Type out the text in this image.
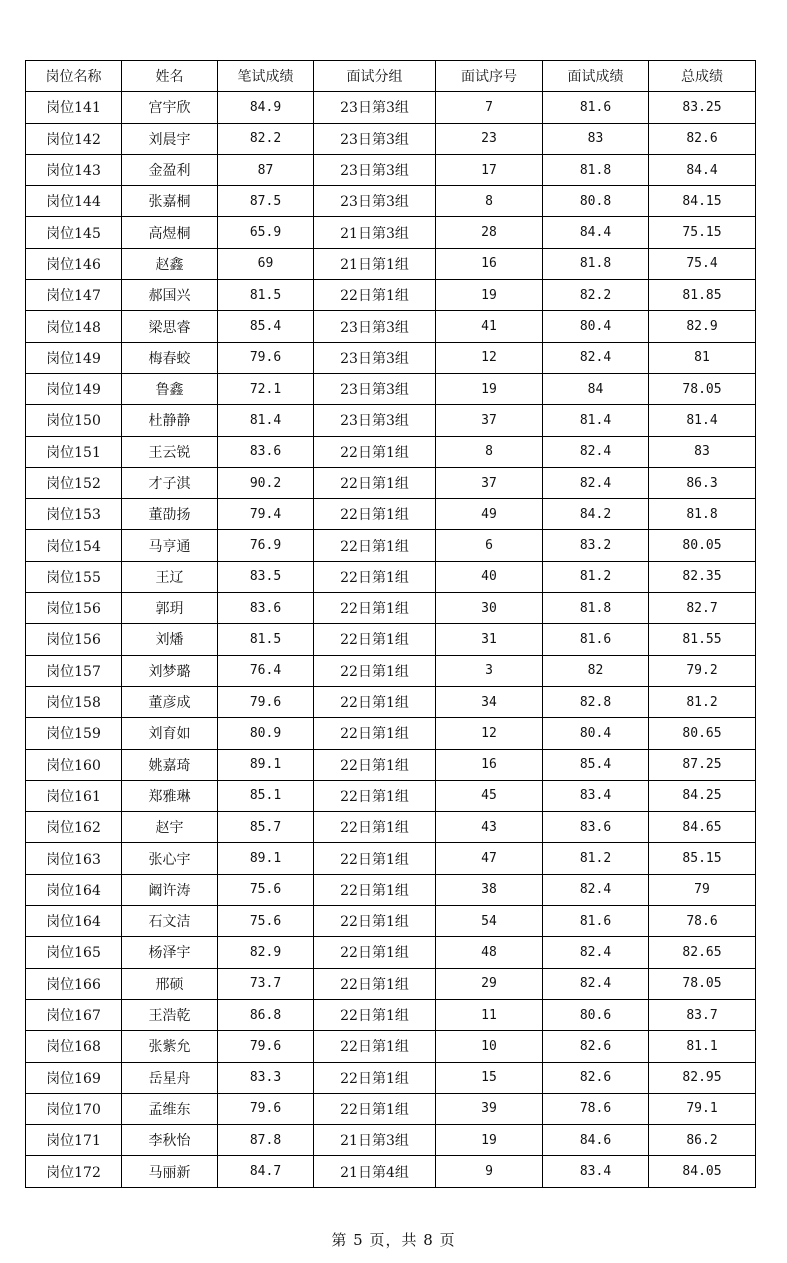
岗位名称	姓名	笔试成绩	面试分组	面试序号	面试成绩	总成绩
岗位141	宫宇欣	84.9	23日第3组	7	81.6	83.25
岗位142	刘晨宇	82.2	23日第3组	23	83	82.6
岗位143	金盈利	87	23日第3组	17	81.8	84.4
岗位144	张嘉桐	87.5	23日第3组	8	80.8	84.15
岗位145	高煜桐	65.9	21日第3组	28	84.4	75.15
岗位146	赵鑫	69	21日第1组	16	81.8	75.4
岗位147	郝国兴	81.5	22日第1组	19	82.2	81.85
岗位148	梁思睿	85.4	23日第3组	41	80.4	82.9
岗位149	梅春蛟	79.6	23日第3组	12	82.4	81
岗位149	鲁鑫	72.1	23日第3组	19	84	78.05
岗位150	杜静静	81.4	23日第3组	37	81.4	81.4
岗位151	王云锐	83.6	22日第1组	8	82.4	83
岗位152	才子淇	90.2	22日第1组	37	82.4	86.3
岗位153	董劭扬	79.4	22日第1组	49	84.2	81.8
岗位154	马亨通	76.9	22日第1组	6	83.2	80.05
岗位155	王辽	83.5	22日第1组	40	81.2	82.35
岗位156	郭玥	83.6	22日第1组	30	81.8	82.7
岗位156	刘燔	81.5	22日第1组	31	81.6	81.55
岗位157	刘梦璐	76.4	22日第1组	3	82	79.2
岗位158	董彦成	79.6	22日第1组	34	82.8	81.2
岗位159	刘育如	80.9	22日第1组	12	80.4	80.65
岗位160	姚嘉琦	89.1	22日第1组	16	85.4	87.25
岗位161	郑雅琳	85.1	22日第1组	45	83.4	84.25
岗位162	赵宇	85.7	22日第1组	43	83.6	84.65
岗位163	张心宇	89.1	22日第1组	47	81.2	85.15
岗位164	阚许涛	75.6	22日第1组	38	82.4	79
岗位164	石文洁	75.6	22日第1组	54	81.6	78.6
岗位165	杨泽宇	82.9	22日第1组	48	82.4	82.65
岗位166	邢硕	73.7	22日第1组	29	82.4	78.05
岗位167	王浩乾	86.8	22日第1组	11	80.6	83.7
岗位168	张紫允	79.6	22日第1组	10	82.6	81.1
岗位169	岳星舟	83.3	22日第1组	15	82.6	82.95
岗位170	孟维东	79.6	22日第1组	39	78.6	79.1
岗位171	李秋怡	87.8	21日第3组	19	84.6	86.2
岗位172	马丽新	84.7	21日第4组	9	83.4	84.05
第 5 页，共 8 页
